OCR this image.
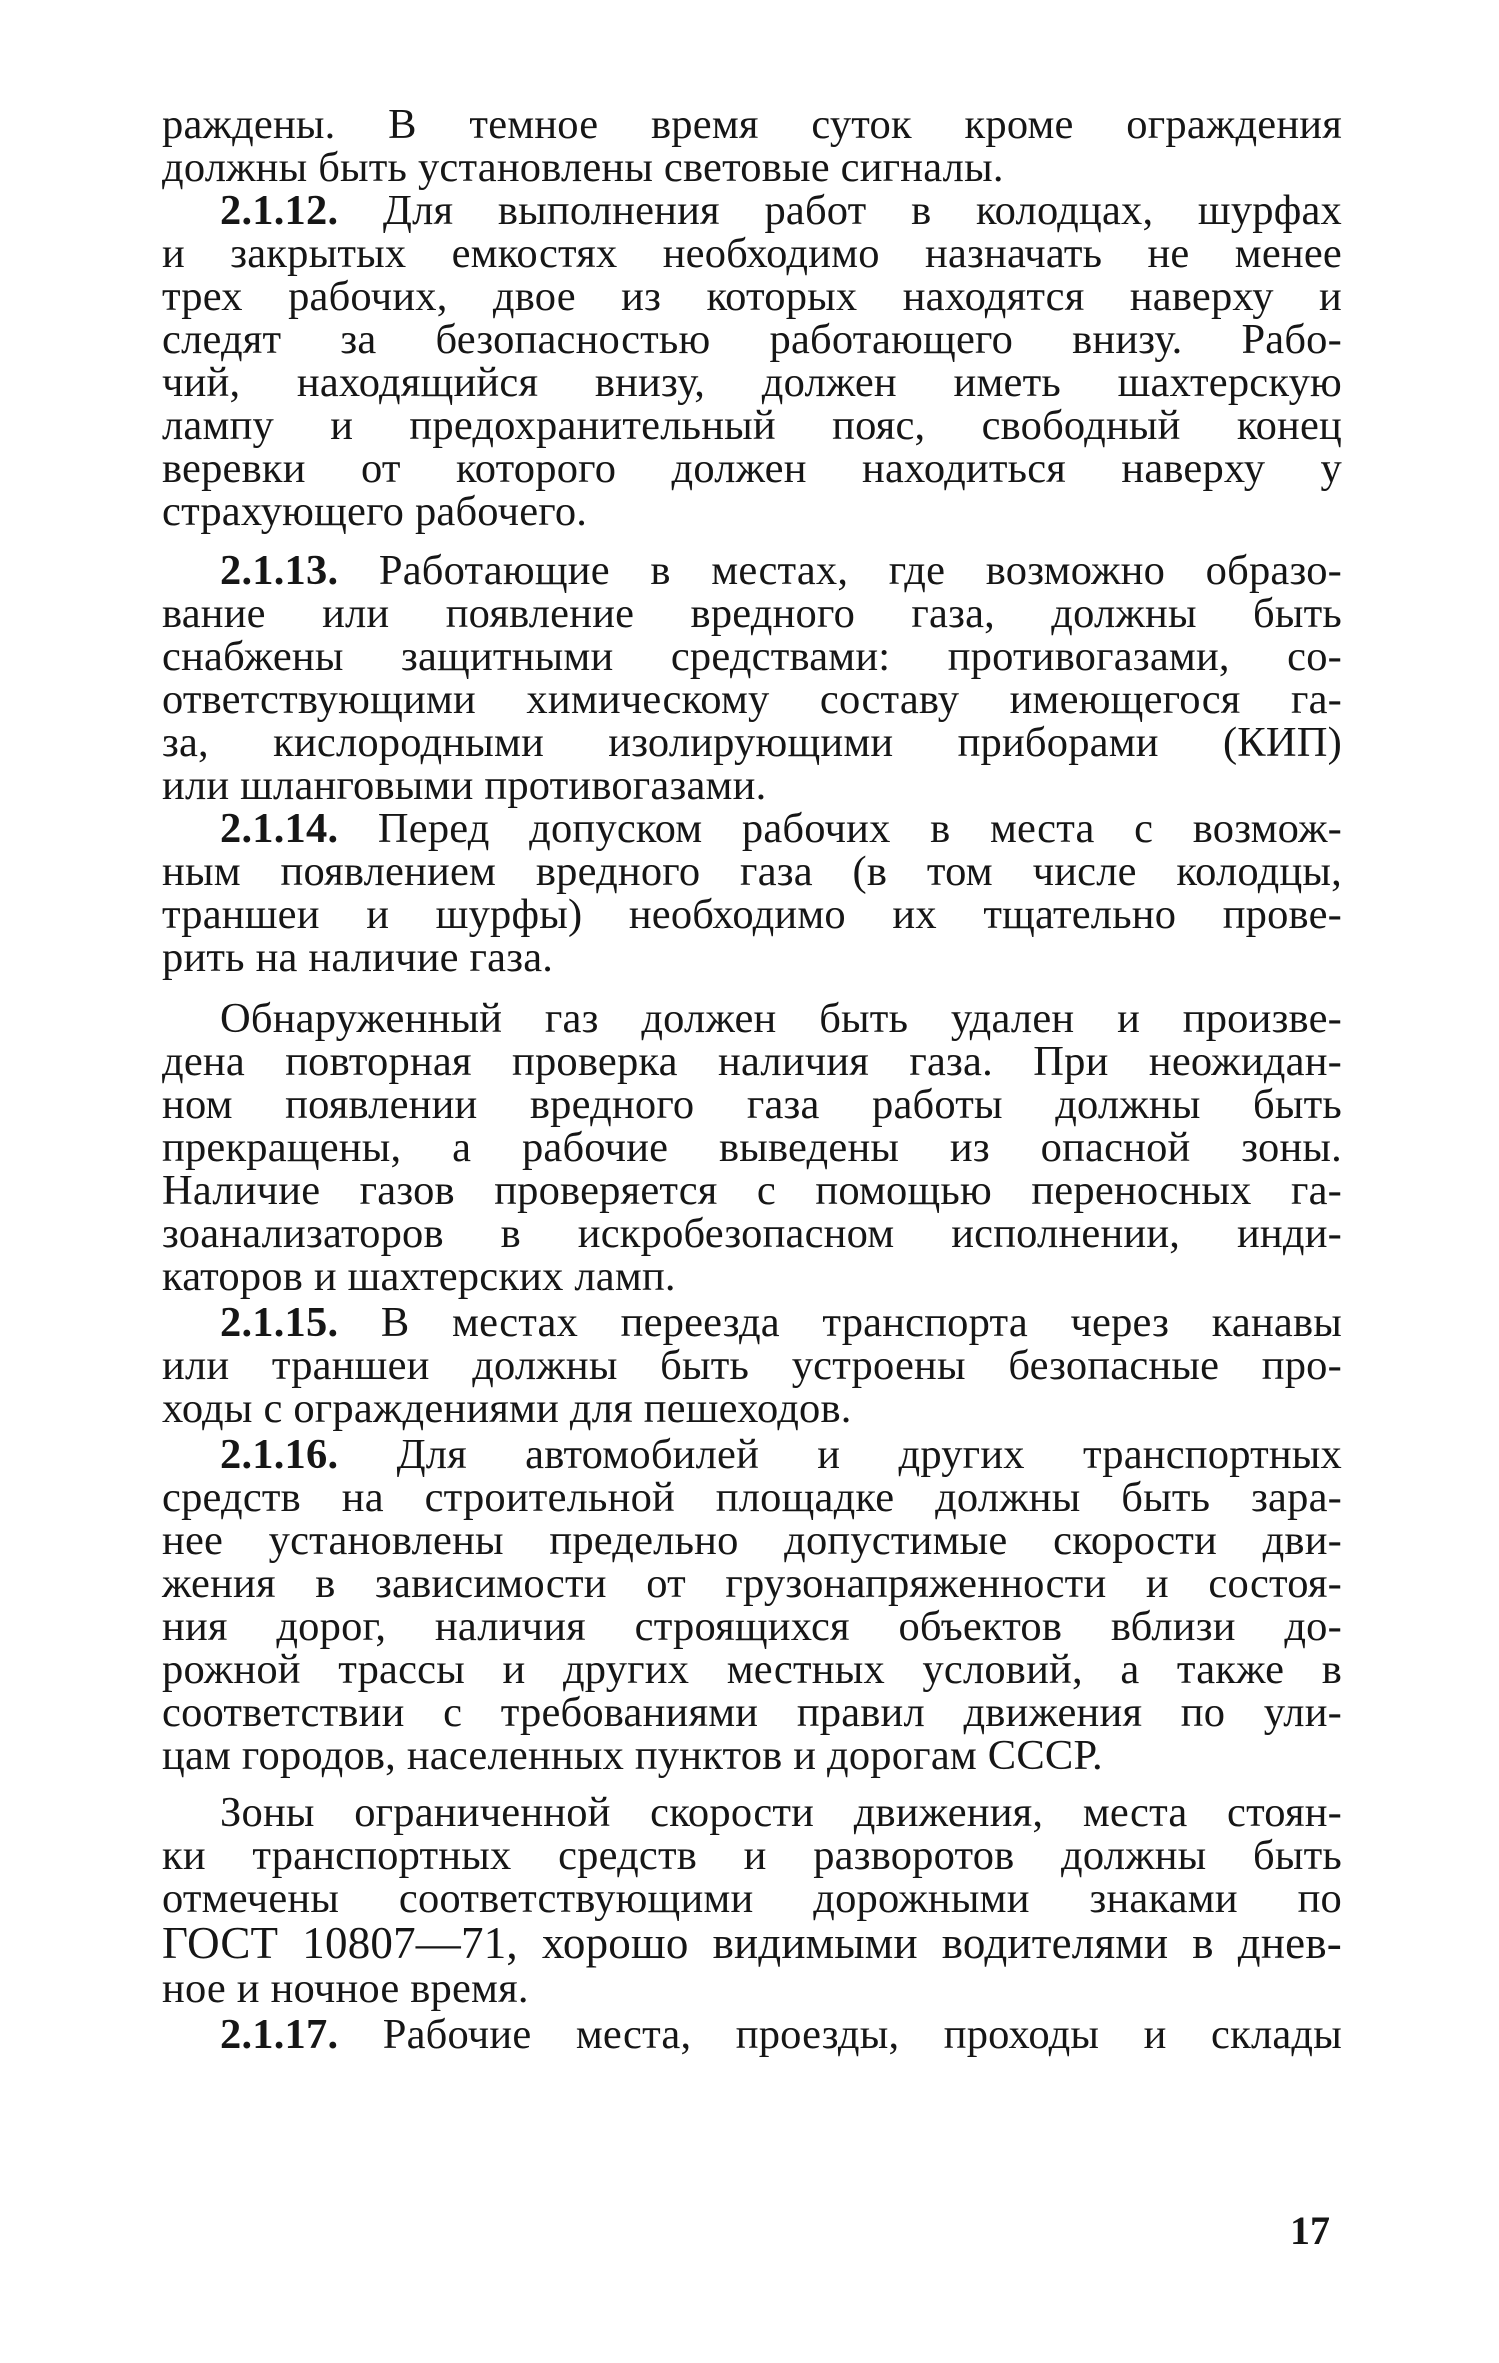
раждены. В темное время суток кроме ограждения
должны быть установлены световые сигналы.
2.1.12. Для выполнения работ в колодцах, шурфах
и закрытых емкостях необходимо назначать не менее
трех рабочих, двое из которых находятся наверху и
следят за безопасностью работающего внизу. Рабо-
чий, находящийся внизу, должен иметь шахтерскую
лампу и предохранительный пояс, свободный конец
веревки от которого должен находиться наверху у
страхующего рабочего.
2.1.13. Работающие в местах, где возможно образо-
вание или появление вредного газа, должны быть
снабжены защитными средствами: противогазами, со-
ответствующими химическому составу имеющегося га-
за, кислородными изолирующими приборами (КИП)
или шланговыми противогазами.
2.1.14. Перед допуском рабочих в места с возмож-
ным появлением вредного газа (в том числе колодцы,
траншеи и шурфы) необходимо их тщательно прове-
рить на наличие газа.
Обнаруженный газ должен быть удален и произве-
дена повторная проверка наличия газа. При неожидан-
ном появлении вредного газа работы должны быть
прекращены, а рабочие выведены из опасной зоны.
Наличие газов проверяется с помощью переносных га-
зоанализаторов в искробезопасном исполнении, инди-
каторов и шахтерских ламп.
2.1.15. В местах переезда транспорта через канавы
или траншеи должны быть устроены безопасные про-
ходы с ограждениями для пешеходов.
2.1.16. Для автомобилей и других транспортных
средств на строительной площадке должны быть зара-
нее установлены предельно допустимые скорости дви-
жения в зависимости от грузонапряженности и состоя-
ния дорог, наличия строящихся объектов вблизи до-
рожной трассы и других местных условий, а также в
соответствии с требованиями правил движения по ули-
цам городов, населенных пунктов и дорогам СССР.
Зоны ограниченной скорости движения, места стоян-
ки транспортных средств и разворотов должны быть
отмечены соответствующими дорожными знаками по
ГОСТ 10807—71, хорошо видимыми водителями в днев-
ное и ночное время.
2.1.17. Рабочие места, проезды, проходы и склады
17
